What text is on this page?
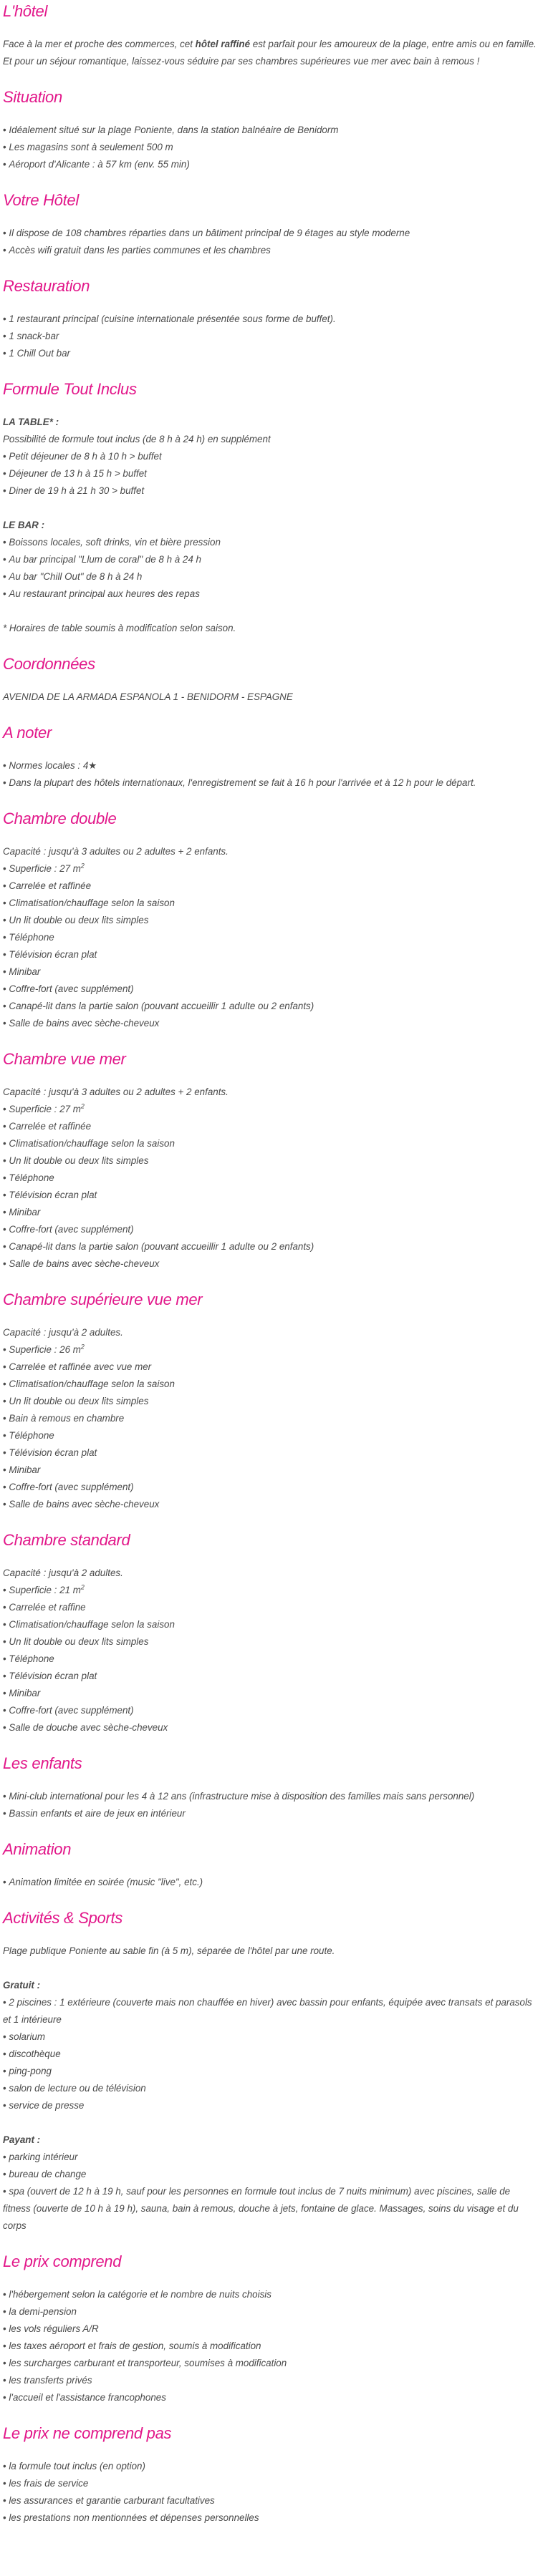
L'hôtel

Face à la mer et proche des commerces, cet hôtel raffiné est parfait pour les amoureux de la plage, entre amis ou en famille. Et pour un séjour romantique, laissez-vous séduire par ses chambres supérieures vue mer avec bain à remous !

Situation
• Idéalement situé sur la plage Poniente, dans la station balnéaire de Benidorm
• Les magasins sont à seulement 500 m
• Aéroport d'Alicante : à 57 km (env. 55 min)
Votre Hôtel
• Il dispose de 108 chambres réparties dans un bâtiment principal de 9 étages au style moderne
• Accès wifi gratuit dans les parties communes et les chambres
Restauration
• 1 restaurant principal (cuisine internationale présentée sous forme de buffet).
• 1 snack-bar
• 1 Chill Out bar
Formule Tout Inclus

LA TABLE* :

Possibilité de formule tout inclus (de 8 h à 24 h) en supplément

• Petit déjeuner de 8 h à 10 h > buffet
• Déjeuner de 13 h à 15 h > buffet
• Diner de 19 h à 21 h 30 > buffet

LE BAR :

• Boissons locales, soft drinks, vin et bière pression
• Au bar principal "Llum de coral" de 8 h à 24 h
• Au bar "Chill Out" de 8 h à 24 h
• Au restaurant principal aux heures des repas

* Horaires de table soumis à modification selon saison.

Coordonnées

AVENIDA DE LA ARMADA ESPANOLA 1 - BENIDORM - ESPAGNE

A noter
• Normes locales : 4★
• Dans la plupart des hôtels internationaux, l'enregistrement se fait à 16 h pour l'arrivée et à 12 h pour le départ.
Chambre double

Capacité : jusqu'à 3 adultes ou 2 adultes + 2 enfants.

• Superficie : 27 $m^2$
• Carrelée et raffinée
• Climatisation/chauffage selon la saison
• Un lit double ou deux lits simples
• Téléphone
• Télévision écran plat
• Minibar
• Coffre-fort (avec supplément)
• Canapé-lit dans la partie salon (pouvant accueillir 1 adulte ou 2 enfants)
• Salle de bains avec sèche-cheveux
Chambre vue mer

Capacité : jusqu'à 3 adultes ou 2 adultes + 2 enfants.

• Superficie : 27 $m^2$
• Carrelée et raffinée
• Climatisation/chauffage selon la saison
• Un lit double ou deux lits simples
• Téléphone
• Télévision écran plat
• Minibar
• Coffre-fort (avec supplément)
• Canapé-lit dans la partie salon (pouvant accueillir 1 adulte ou 2 enfants)
• Salle de bains avec sèche-cheveux
Chambre supérieure vue mer

Capacité : jusqu'à 2 adultes.

• Superficie : 26 $m^2$
• Carrelée et raffinée avec vue mer
• Climatisation/chauffage selon la saison
• Un lit double ou deux lits simples
• Bain à remous en chambre
• Téléphone
• Télévision écran plat
• Minibar
• Coffre-fort (avec supplément)
• Salle de bains avec sèche-cheveux
Chambre standard

Capacité : jusqu'à 2 adultes.

• Superficie : 21 $m^2$
• Carrelée et raffine
• Climatisation/chauffage selon la saison
• Un lit double ou deux lits simples
• Téléphone
• Télévision écran plat
• Minibar
• Coffre-fort (avec supplément)
• Salle de douche avec sèche-cheveux
Les enfants
• Mini-club international pour les 4 à 12 ans (infrastructure mise à disposition des familles mais sans personnel)
• Bassin enfants et aire de jeux en intérieur
Animation
• Animation limitée en soirée (music "live", etc.)
Activités & Sports

Plage publique Poniente au sable fin (à 5 m), séparée de l'hôtel par une route.

Gratuit :

• 2 piscines : 1 extérieure (couverte mais non chauffée en hiver) avec bassin pour enfants, équipée avec transats et parasols et 1 intérieure
• solarium
• discothèque
• ping-pong
• salon de lecture ou de télévision
• service de presse

Payant :

• parking intérieur
• bureau de change
• spa (ouvert de 12 h à 19 h, sauf pour les personnes en formule tout inclus de 7 nuits minimum) avec piscines, salle de fitness (ouverte de 10 h à 19 h), sauna, bain à remous, douche à jets, fontaine de glace. Massages, soins du visage et du corps
Le prix comprend
• l'hébergement selon la catégorie et le nombre de nuits choisis
• la demi-pension
• les vols réguliers A/R
• les taxes aéroport et frais de gestion, soumis à modification
• les surcharges carburant et transporteur, soumises à modification
• les transferts privés
• l'accueil et l'assistance francophones
Le prix ne comprend pas
• la formule tout inclus (en option)
• les frais de service
• les assurances et garantie carburant facultatives
• les prestations non mentionnées et dépenses personnelles
